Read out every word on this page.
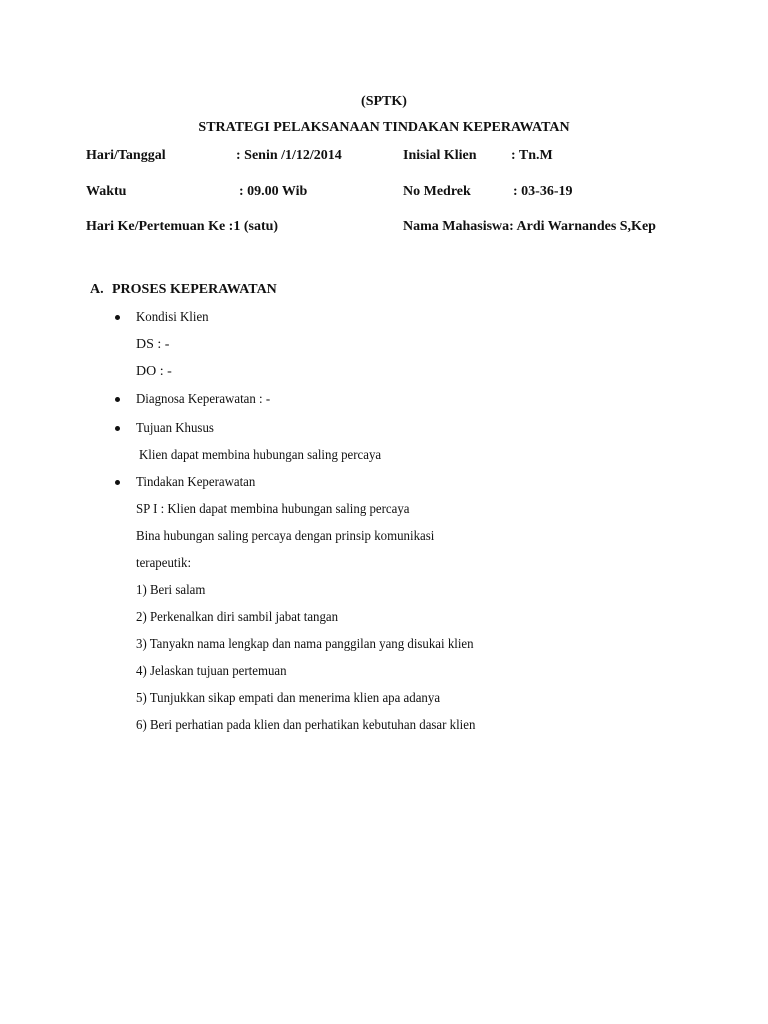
(SPTK)
STRATEGI PELAKSANAAN TINDAKAN KEPERAWATAN
Hari/Tanggal	: Senin /1/12/2014	Inisial Klien : Tn.M
Waktu	: 09.00 Wib	No Medrek	: 03-36-19
Hari Ke/Pertemuan Ke :1 (satu)	Nama Mahasiswa: Ardi Warnandes S,Kep
A. PROSES KEPERAWATAN
Kondisi Klien
DS : -
DO : -
Diagnosa Keperawatan : -
Tujuan Khusus
Klien dapat membina hubungan saling percaya
Tindakan Keperawatan
SP I : Klien dapat membina hubungan saling percaya
Bina hubungan saling percaya dengan prinsip komunikasi
terapeutik:
1) Beri salam
2) Perkenalkan diri sambil jabat tangan
3) Tanyakn nama lengkap dan nama panggilan yang disukai klien
4) Jelaskan tujuan pertemuan
5) Tunjukkan sikap empati dan menerima klien apa adanya
6) Beri perhatian pada klien dan perhatikan kebutuhan dasar klien
